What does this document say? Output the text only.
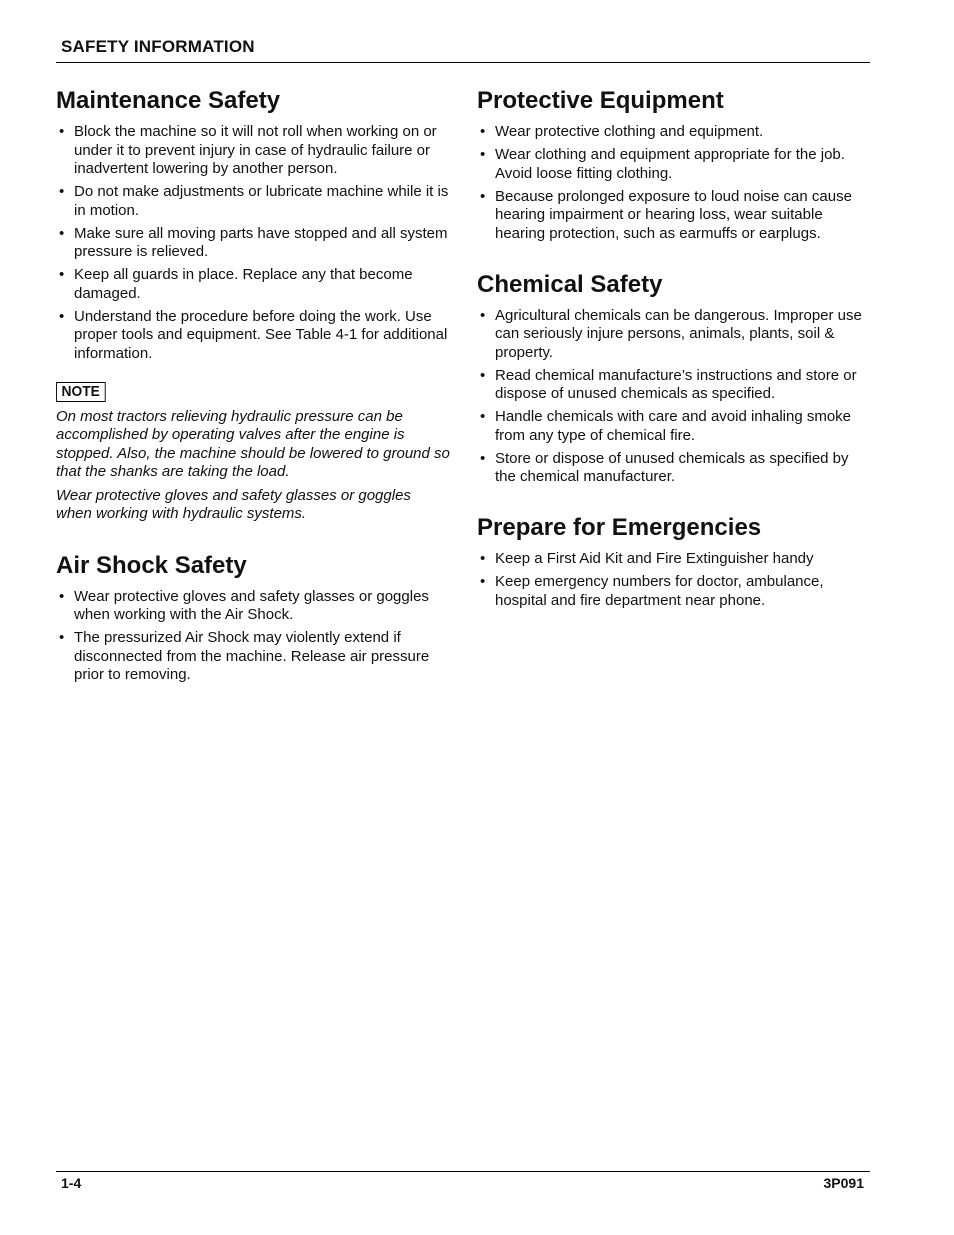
SAFETY INFORMATION
Maintenance Safety
• Block the machine so it will not roll when working on or under it to prevent injury in case of hydraulic failure or inadvertent lowering by another person.
• Do not make adjustments or lubricate machine while it is in motion.
• Make sure all moving parts have stopped and all system pressure is relieved.
• Keep all guards in place. Replace any that become damaged.
• Understand the procedure before doing the work. Use proper tools and equipment. See Table 4-1 for additional information.
NOTE

On most tractors relieving hydraulic pressure can be accomplished by operating valves after the engine is stopped. Also, the machine should be lowered to ground so that the shanks are taking the load.

Wear protective gloves and safety glasses or goggles when working with hydraulic systems.

Air Shock Safety
• Wear protective gloves and safety glasses or goggles when working with the Air Shock.
• The pressurized Air Shock may violently extend if disconnected from the machine. Release air pressure prior to removing.
Protective Equipment
• Wear protective clothing and equipment.
• Wear clothing and equipment appropriate for the job. Avoid loose fitting clothing.
• Because prolonged exposure to loud noise can cause hearing impairment or hearing loss, wear suitable hearing protection, such as earmuffs or earplugs.
Chemical Safety
• Agricultural chemicals can be dangerous. Improper use can seriously injure persons, animals, plants, soil & property.
• Read chemical manufacture’s instructions and store or dispose of unused chemicals as specified.
• Handle chemicals with care and avoid inhaling smoke from any type of chemical fire.
• Store or dispose of unused chemicals as specified by the chemical manufacturer.
Prepare for Emergencies
• Keep a First Aid Kit and Fire Extinguisher handy
• Keep emergency numbers for doctor, ambulance, hospital and fire department near phone.
1-4	3P091
